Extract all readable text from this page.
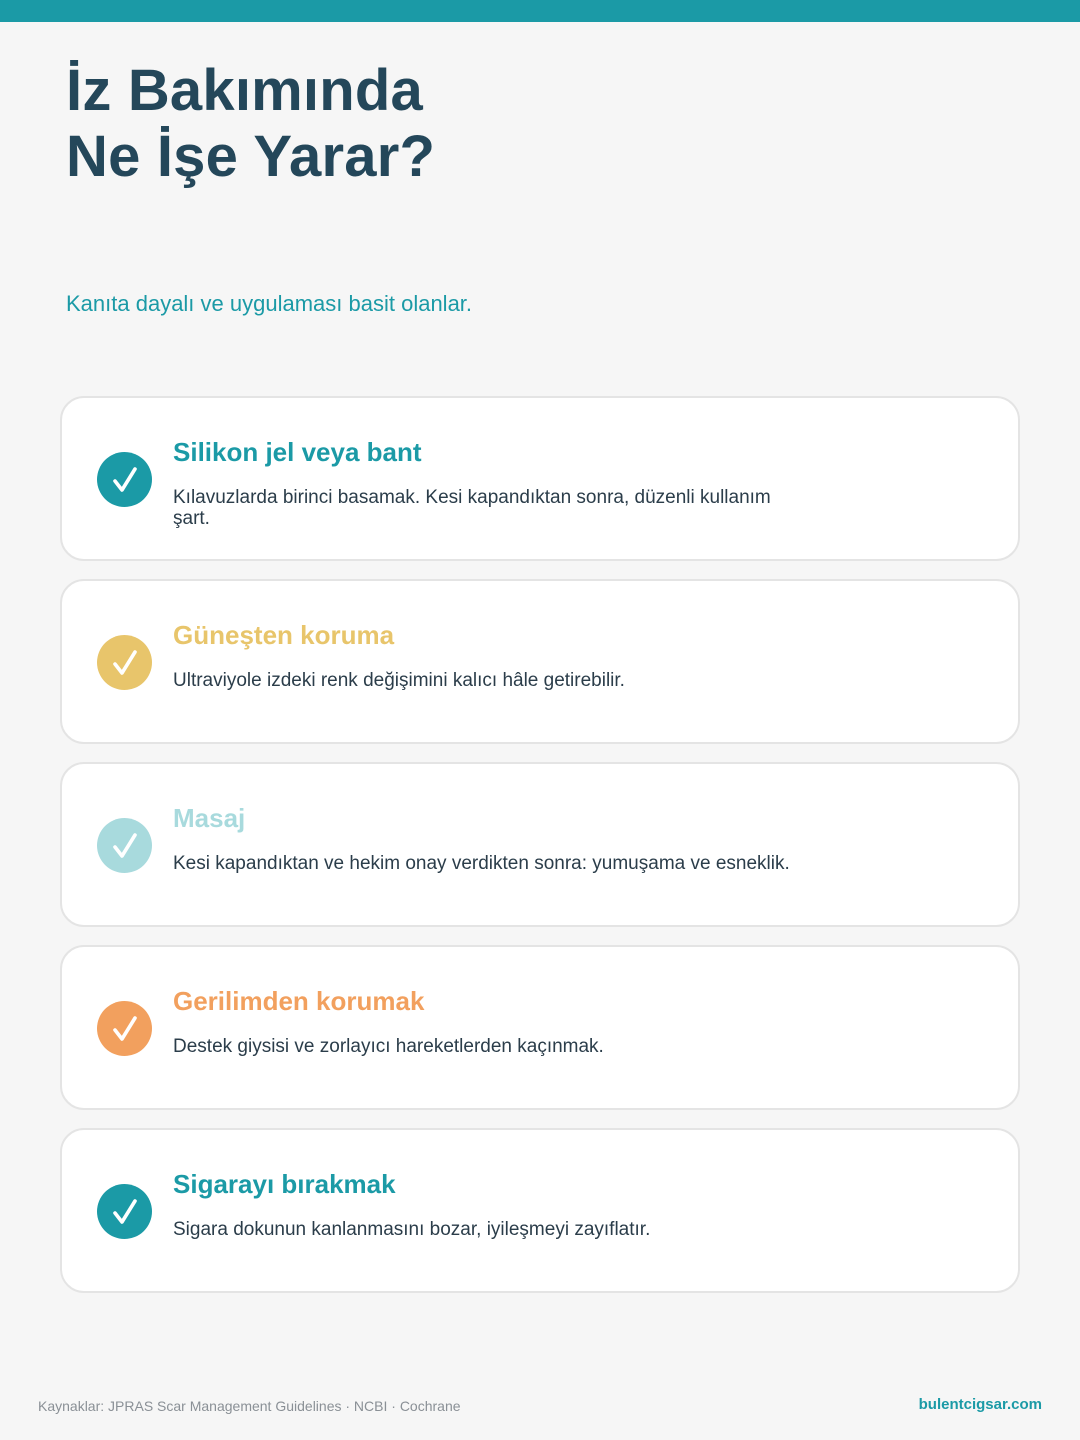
İz Bakımında
Ne İşe Yarar?

Kanıta dayalı ve uygulaması basit olanlar.

Silikon jel veya bant
Kılavuzlarda birinci basamak. Kesi kapandıktan sonra, düzenli kullanım şart.
Güneşten koruma
Ultraviyole izdeki renk değişimini kalıcı hâle getirebilir.
Masaj
Kesi kapandıktan ve hekim onay verdikten sonra: yumuşama ve esneklik.
Gerilimden korumak
Destek giysisi ve zorlayıcı hareketlerden kaçınmak.
Sigarayı bırakmak
Sigara dokunun kanlanmasını bozar, iyileşmeyi zayıflatır.
Kaynaklar: JPRAS Scar Management Guidelines · NCBI · Cochrane	bulentcigsar.com
